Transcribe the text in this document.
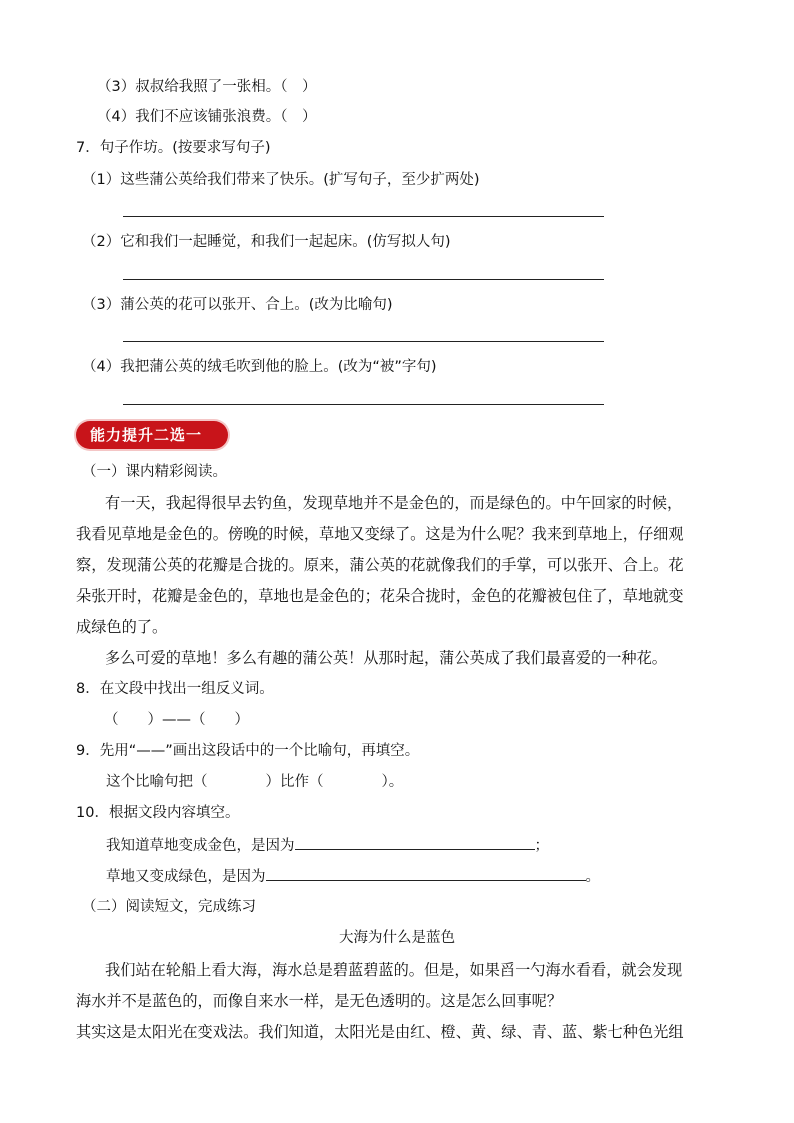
（3）叔叔给我照了一张相。（　）
（4）我们不应该铺张浪费。（　）
7．句子作坊。(按要求写句子)
（1）这些蒲公英给我们带来了快乐。(扩写句子，至少扩两处)
（2）它和我们一起睡觉，和我们一起起床。(仿写拟人句)
（3）蒲公英的花可以张开、合上。(改为比喻句)
（4）我把蒲公英的绒毛吹到他的脸上。(改为“被”字句)
能力提升二选一
（一）课内精彩阅读。
有一天，我起得很早去钓鱼，发现草地并不是金色的，而是绿色的。中午回家的时候，
我看见草地是金色的。傍晚的时候，草地又变绿了。这是为什么呢？我来到草地上，仔细观
察，发现蒲公英的花瓣是合拢的。原来，蒲公英的花就像我们的手掌，可以张开、合上。花
朵张开时，花瓣是金色的，草地也是金色的；花朵合拢时，金色的花瓣被包住了，草地就变
成绿色的了。
多么可爱的草地！多么有趣的蒲公英！从那时起，蒲公英成了我们最喜爱的一种花。
8．在文段中找出一组反义词。
（　　）——（　　）
9．先用“——”画出这段话中的一个比喻句，再填空。
这个比喻句把（　　　　）比作（　　　　）。
10．根据文段内容填空。
我知道草地变成金色，是因为	；
草地又变成绿色，是因为	。
（二）阅读短文，完成练习
大海为什么是蓝色
我们站在轮船上看大海，海水总是碧蓝碧蓝的。但是，如果舀一勺海水看看，就会发现
海水并不是蓝色的，而像自来水一样，是无色透明的。这是怎么回事呢？
其实这是太阳光在变戏法。我们知道，太阳光是由红、橙、黄、绿、青、蓝、紫七种色光组
